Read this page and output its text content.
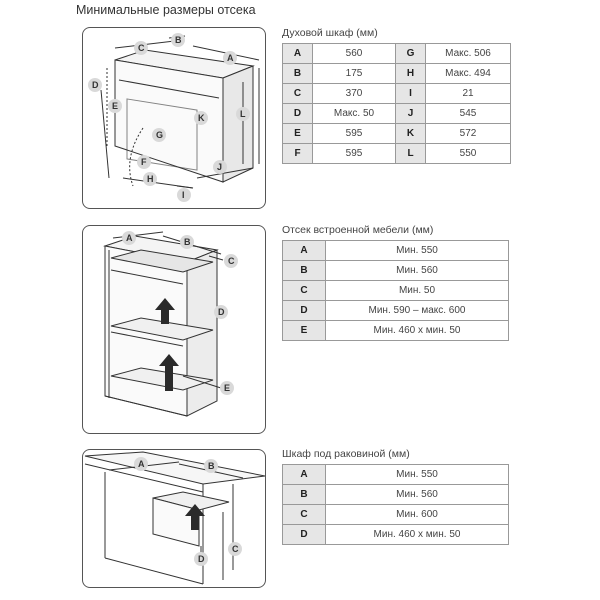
Минимальные размеры отсека
C
B
A
D
E
G
K	L
F
H
J
I
Духовой шкаф (мм)
A	560	G	Макс. 506
B	175	H	Макс. 494
C	370	I	21
D	Макс. 50	J	545
E	595	K	572
F	595	L	550
A	B
C
D
E
Отсек встроенной мебели (мм)
A	Мин. 550
B	Мин. 560
C	Мин. 50
D	Мин. 590 – макс. 600
E	Мин. 460 x мин. 50
A	B
C
D
Шкаф под раковиной (мм)
A	Мин. 550
B	Мин. 560
C	Мин. 600
D	Мин. 460 x мин. 50
